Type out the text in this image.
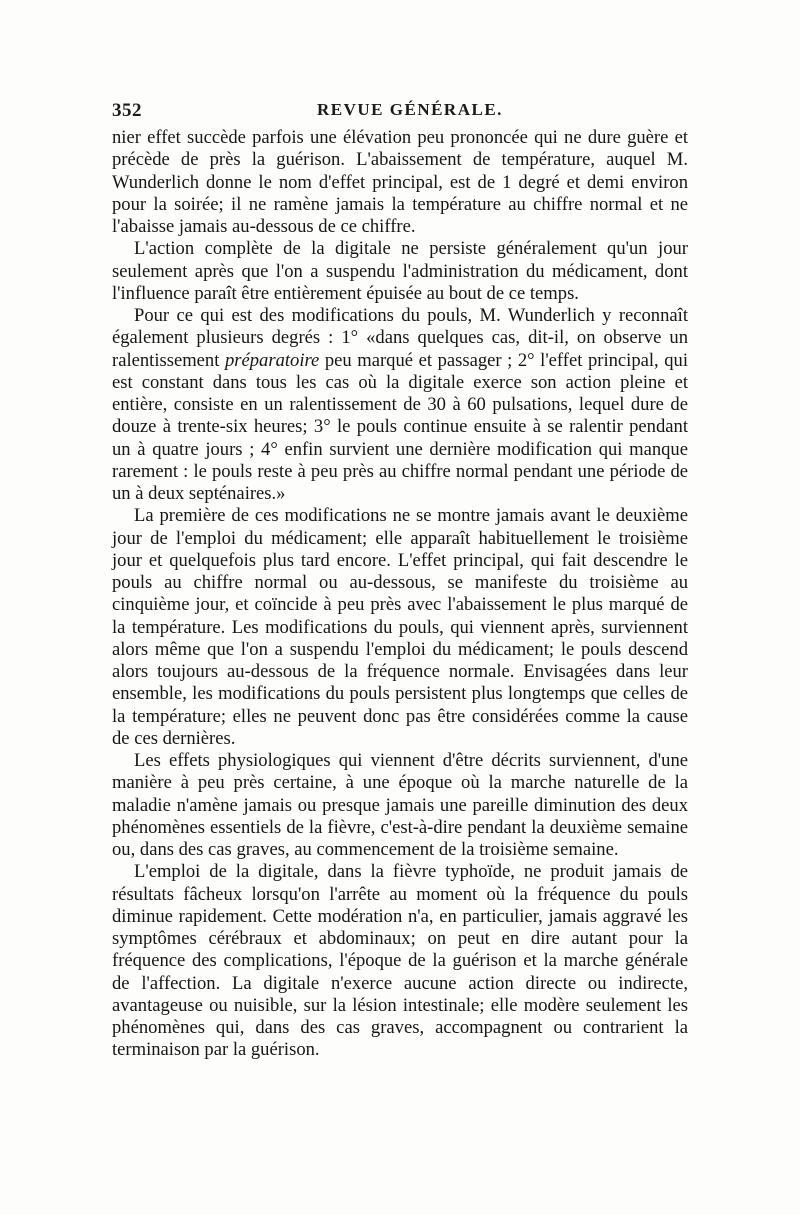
352	REVUE GÉNÉRALE.

nier effet succède parfois une élévation peu prononcée qui ne dure guère et précède de près la guérison. L'abaissement de température, auquel M. Wunderlich donne le nom d'effet principal, est de 1 degré et demi environ pour la soirée; il ne ramène jamais la température au chiffre normal et ne l'abaisse jamais au-dessous de ce chiffre.

L'action complète de la digitale ne persiste généralement qu'un jour seulement après que l'on a suspendu l'administration du médicament, dont l'influence paraît être entièrement épuisée au bout de ce temps.

Pour ce qui est des modifications du pouls, M. Wunderlich y reconnaît également plusieurs degrés : 1° «dans quelques cas, dit-il, on observe un ralentissement préparatoire peu marqué et passager ; 2° l'effet principal, qui est constant dans tous les cas où la digitale exerce son action pleine et entière, consiste en un ralentissement de 30 à 60 pulsations, lequel dure de douze à trente-six heures; 3° le pouls continue ensuite à se ralentir pendant un à quatre jours ; 4° enfin survient une dernière modification qui manque rarement : le pouls reste à peu près au chiffre normal pendant une période de un à deux septénaires.»

La première de ces modifications ne se montre jamais avant le deuxième jour de l'emploi du médicament; elle apparaît habituellement le troisième jour et quelquefois plus tard encore. L'effet principal, qui fait descendre le pouls au chiffre normal ou au-dessous, se manifeste du troisième au cinquième jour, et coïncide à peu près avec l'abaissement le plus marqué de la température. Les modifications du pouls, qui viennent après, surviennent alors même que l'on a suspendu l'emploi du médicament; le pouls descend alors toujours au-dessous de la fréquence normale. Envisagées dans leur ensemble, les modifications du pouls persistent plus longtemps que celles de la température; elles ne peuvent donc pas être considérées comme la cause de ces dernières.

Les effets physiologiques qui viennent d'être décrits surviennent, d'une manière à peu près certaine, à une époque où la marche naturelle de la maladie n'amène jamais ou presque jamais une pareille diminution des deux phénomènes essentiels de la fièvre, c'est-à-dire pendant la deuxième semaine ou, dans des cas graves, au commencement de la troisième semaine.

L'emploi de la digitale, dans la fièvre typhoïde, ne produit jamais de résultats fâcheux lorsqu'on l'arrête au moment où la fréquence du pouls diminue rapidement. Cette modération n'a, en particulier, jamais aggravé les symptômes cérébraux et abdominaux; on peut en dire autant pour la fréquence des complications, l'époque de la guérison et la marche générale de l'affection. La digitale n'exerce aucune action directe ou indirecte, avantageuse ou nuisible, sur la lésion intestinale; elle modère seulement les phénomènes qui, dans des cas graves, accompagnent ou contrarient la terminaison par la guérison.
